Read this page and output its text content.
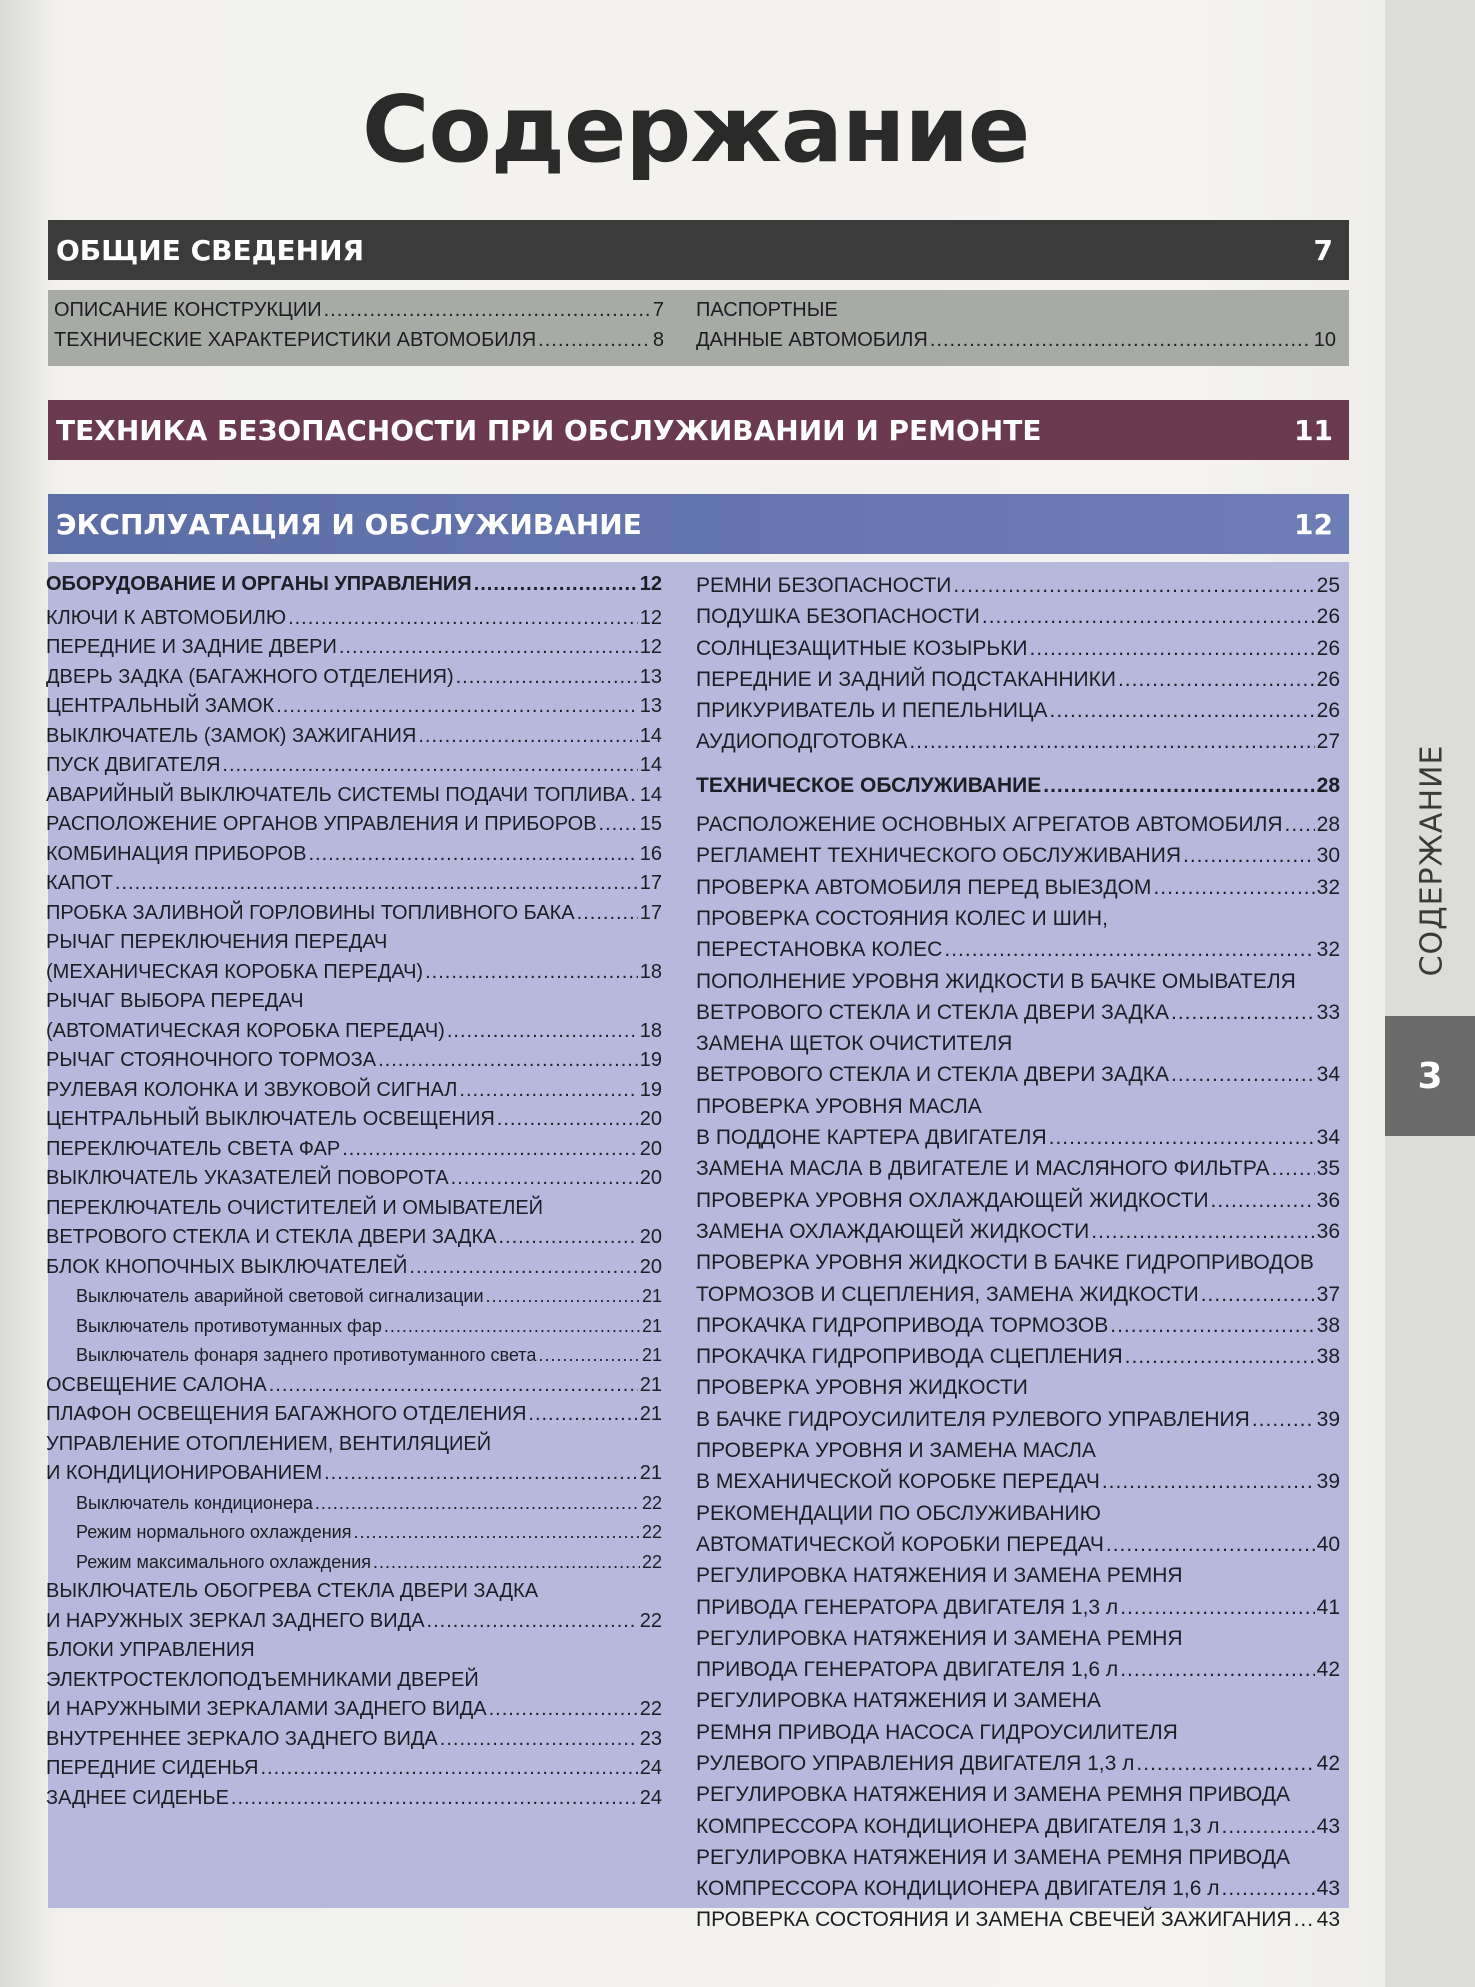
Содержание
ОБЩИЕ СВЕДЕНИЯ	7
ОПИСАНИЕ КОНСТРУКЦИИ .....	7
ТЕХНИЧЕСКИЕ ХАРАКТЕРИСТИКИ АВТОМОБИЛЯ .....	8
ПАСПОРТНЫЕ
ДАННЫЕ АВТОМОБИЛЯ .....	10
ТЕХНИКА БЕЗОПАСНОСТИ ПРИ ОБСЛУЖИВАНИИ И РЕМОНТЕ	11
ЭКСПЛУАТАЦИЯ И ОБСЛУЖИВАНИЕ	12
ОБОРУДОВАНИЕ И ОРГАНЫ УПРАВЛЕНИЯ .....	12
КЛЮЧИ К АВТОМОБИЛЮ .....	12
ПЕРЕДНИЕ И ЗАДНИЕ ДВЕРИ .....	12
ДВЕРЬ ЗАДКА (БАГАЖНОГО ОТДЕЛЕНИЯ) .....	13
ЦЕНТРАЛЬНЫЙ ЗАМОК .....	13
ВЫКЛЮЧАТЕЛЬ (ЗАМОК) ЗАЖИГАНИЯ .....	14
ПУСК ДВИГАТЕЛЯ .....	14
АВАРИЙНЫЙ ВЫКЛЮЧАТЕЛЬ СИСТЕМЫ ПОДАЧИ ТОПЛИВА ..... 14
РАСПОЛОЖЕНИЕ ОРГАНОВ УПРАВЛЕНИЯ И ПРИБОРОВ ..... 15
КОМБИНАЦИЯ ПРИБОРОВ .....	16
КАПОТ .....	17
ПРОБКА ЗАЛИВНОЙ ГОРЛОВИНЫ ТОПЛИВНОГО БАКА .....	17
РЫЧАГ ПЕРЕКЛЮЧЕНИЯ ПЕРЕДАЧ
(МЕХАНИЧЕСКАЯ КОРОБКА ПЕРЕДАЧ) .....	18
РЫЧАГ ВЫБОРА ПЕРЕДАЧ
(АВТОМАТИЧЕСКАЯ КОРОБКА ПЕРЕДАЧ) .....	18
РЫЧАГ СТОЯНОЧНОГО ТОРМОЗА .....	19
РУЛЕВАЯ КОЛОНКА И ЗВУКОВОЙ СИГНАЛ .....	19
ЦЕНТРАЛЬНЫЙ ВЫКЛЮЧАТЕЛЬ ОСВЕЩЕНИЯ .....	20
ПЕРЕКЛЮЧАТЕЛЬ СВЕТА ФАР .....	20
ВЫКЛЮЧАТЕЛЬ УКАЗАТЕЛЕЙ ПОВОРОТА .....	20
ПЕРЕКЛЮЧАТЕЛЬ ОЧИСТИТЕЛЕЙ И ОМЫВАТЕЛЕЙ
ВЕТРОВОГО СТЕКЛА И СТЕКЛА ДВЕРИ ЗАДКА .....	20
БЛОК КНОПОЧНЫХ ВЫКЛЮЧАТЕЛЕЙ .....	20
Выключатель аварийной световой сигнализации .....	21
Выключатель противотуманных фар .....	21
Выключатель фонаря заднего противотуманного света .....	21
ОСВЕЩЕНИЕ САЛОНА .....	21
ПЛАФОН ОСВЕЩЕНИЯ БАГАЖНОГО ОТДЕЛЕНИЯ .....	21
УПРАВЛЕНИЕ ОТОПЛЕНИЕМ, ВЕНТИЛЯЦИЕЙ
И КОНДИЦИОНИРОВАНИЕМ .....	21
Выключатель кондиционера .....	22
Режим нормального охлаждения .....	22
Режим максимального охлаждения .....	22
ВЫКЛЮЧАТЕЛЬ ОБОГРЕВА СТЕКЛА ДВЕРИ ЗАДКА
И НАРУЖНЫХ ЗЕРКАЛ ЗАДНЕГО ВИДА .....	22
БЛОКИ УПРАВЛЕНИЯ
ЭЛЕКТРОСТЕКЛОПОДЪЕМНИКАМИ ДВЕРЕЙ
И НАРУЖНЫМИ ЗЕРКАЛАМИ ЗАДНЕГО ВИДА .....	22
ВНУТРЕННЕЕ ЗЕРКАЛО ЗАДНЕГО ВИДА .....	23
ПЕРЕДНИЕ СИДЕНЬЯ .....	24
ЗАДНЕЕ СИДЕНЬЕ .....	24
РЕМНИ БЕЗОПАСНОСТИ .....	25
ПОДУШКА БЕЗОПАСНОСТИ .....	26
СОЛНЦЕЗАЩИТНЫЕ КОЗЫРЬКИ .....	26
ПЕРЕДНИЕ И ЗАДНИЙ ПОДСТАКАННИКИ .....	26
ПРИКУРИВАТЕЛЬ И ПЕПЕЛЬНИЦА .....	26
АУДИОПОДГОТОВКА .....	27
ТЕХНИЧЕСКОЕ ОБСЛУЖИВАНИЕ .....	28
РАСПОЛОЖЕНИЕ ОСНОВНЫХ АГРЕГАТОВ АВТОМОБИЛЯ ..... 28
РЕГЛАМЕНТ ТЕХНИЧЕСКОГО ОБСЛУЖИВАНИЯ .....	30
ПРОВЕРКА АВТОМОБИЛЯ ПЕРЕД ВЫЕЗДОМ .....	32
ПРОВЕРКА СОСТОЯНИЯ КОЛЕС И ШИН,
ПЕРЕСТАНОВКА КОЛЕС .....	32
ПОПОЛНЕНИЕ УРОВНЯ ЖИДКОСТИ В БАЧКЕ ОМЫВАТЕЛЯ
ВЕТРОВОГО СТЕКЛА И СТЕКЛА ДВЕРИ ЗАДКА .....	33
ЗАМЕНА ЩЕТОК ОЧИСТИТЕЛЯ
ВЕТРОВОГО СТЕКЛА И СТЕКЛА ДВЕРИ ЗАДКА .....	34
ПРОВЕРКА УРОВНЯ МАСЛА
В ПОДДОНЕ КАРТЕРА ДВИГАТЕЛЯ .....	34
ЗАМЕНА МАСЛА В ДВИГАТЕЛЕ И МАСЛЯНОГО ФИЛЬТРА ..... 35
ПРОВЕРКА УРОВНЯ ОХЛАЖДАЮЩЕЙ ЖИДКОСТИ .....	36
ЗАМЕНА ОХЛАЖДАЮЩЕЙ ЖИДКОСТИ .....	36
ПРОВЕРКА УРОВНЯ ЖИДКОСТИ В БАЧКЕ ГИДРОПРИВОДОВ
ТОРМОЗОВ И СЦЕПЛЕНИЯ, ЗАМЕНА ЖИДКОСТИ .....	37
ПРОКАЧКА ГИДРОПРИВОДА ТОРМОЗОВ .....	38
ПРОКАЧКА ГИДРОПРИВОДА СЦЕПЛЕНИЯ .....	38
ПРОВЕРКА УРОВНЯ ЖИДКОСТИ
В БАЧКЕ ГИДРОУСИЛИТЕЛЯ РУЛЕВОГО УПРАВЛЕНИЯ .....	39
ПРОВЕРКА УРОВНЯ И ЗАМЕНА МАСЛА
В МЕХАНИЧЕСКОЙ КОРОБКЕ ПЕРЕДАЧ .....	39
РЕКОМЕНДАЦИИ ПО ОБСЛУЖИВАНИЮ
АВТОМАТИЧЕСКОЙ КОРОБКИ ПЕРЕДАЧ .....	40
РЕГУЛИРОВКА НАТЯЖЕНИЯ И ЗАМЕНА РЕМНЯ
ПРИВОДА ГЕНЕРАТОРА ДВИГАТЕЛЯ 1,3 л .....	41
РЕГУЛИРОВКА НАТЯЖЕНИЯ И ЗАМЕНА РЕМНЯ
ПРИВОДА ГЕНЕРАТОРА ДВИГАТЕЛЯ 1,6 л .....	42
РЕГУЛИРОВКА НАТЯЖЕНИЯ И ЗАМЕНА
РЕМНЯ ПРИВОДА НАСОСА ГИДРОУСИЛИТЕЛЯ
РУЛЕВОГО УПРАВЛЕНИЯ ДВИГАТЕЛЯ 1,3 л .....	42
РЕГУЛИРОВКА НАТЯЖЕНИЯ И ЗАМЕНА РЕМНЯ ПРИВОДА
КОМПРЕССОРА КОНДИЦИОНЕРА ДВИГАТЕЛЯ 1,3 л .....	43
РЕГУЛИРОВКА НАТЯЖЕНИЯ И ЗАМЕНА РЕМНЯ ПРИВОДА
КОМПРЕССОРА КОНДИЦИОНЕРА ДВИГАТЕЛЯ 1,6 л .....	43
ПРОВЕРКА СОСТОЯНИЯ И ЗАМЕНА СВЕЧЕЙ ЗАЖИГАНИЯ ..... 43
СОДЕРЖАНИЕ
3
